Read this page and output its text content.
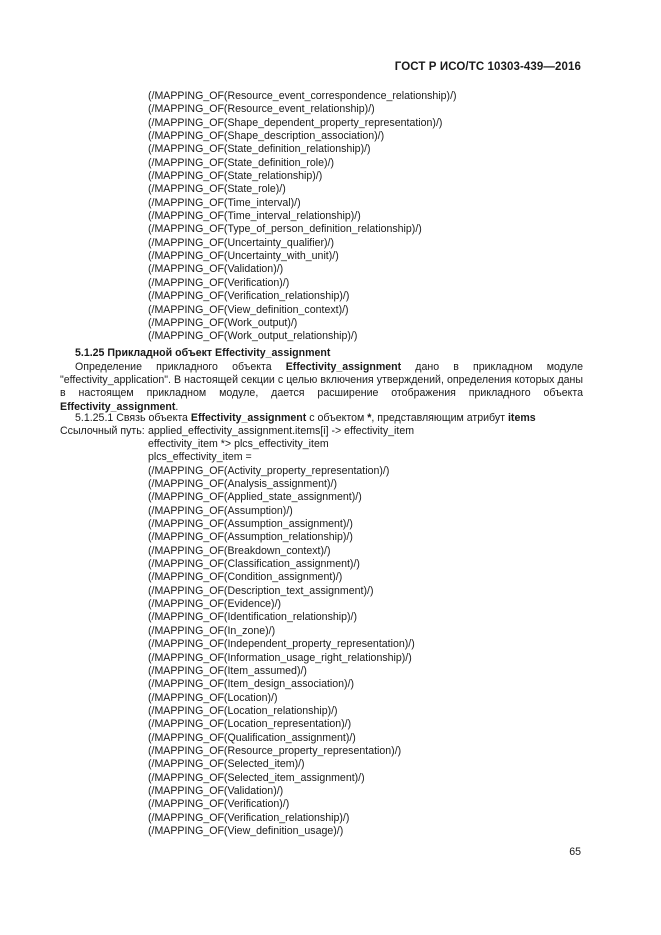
ГОСТ Р ИСО/ТС 10303-439—2016
(/MAPPING_OF(Resource_event_correspondence_relationship)/)
(/MAPPING_OF(Resource_event_relationship)/)
(/MAPPING_OF(Shape_dependent_property_representation)/)
(/MAPPING_OF(Shape_description_association)/)
(/MAPPING_OF(State_definition_relationship)/)
(/MAPPING_OF(State_definition_role)/)
(/MAPPING_OF(State_relationship)/)
(/MAPPING_OF(State_role)/)
(/MAPPING_OF(Time_interval)/)
(/MAPPING_OF(Time_interval_relationship)/)
(/MAPPING_OF(Type_of_person_definition_relationship)/)
(/MAPPING_OF(Uncertainty_qualifier)/)
(/MAPPING_OF(Uncertainty_with_unit)/)
(/MAPPING_OF(Validation)/)
(/MAPPING_OF(Verification)/)
(/MAPPING_OF(Verification_relationship)/)
(/MAPPING_OF(View_definition_context)/)
(/MAPPING_OF(Work_output)/)
(/MAPPING_OF(Work_output_relationship)/)
5.1.25 Прикладной объект Effectivity_assignment
Определение прикладного объекта Effectivity_assignment дано в прикладном модуле "effectivity_application". В настоящей секции с целью включения утверждений, определения которых даны в настоящем прикладном модуле, дается расширение отображения прикладного объекта Effectivity_assignment.
5.1.25.1 Связь объекта Effectivity_assignment с объектом *, представляющим атрибут items
Ссылочный путь: applied_effectivity_assignment.items[i] -> effectivity_item
effectivity_item *> plcs_effectivity_item
plcs_effectivity_item =
(/MAPPING_OF(Activity_property_representation)/)
(/MAPPING_OF(Analysis_assignment)/)
(/MAPPING_OF(Applied_state_assignment)/)
(/MAPPING_OF(Assumption)/)
(/MAPPING_OF(Assumption_assignment)/)
(/MAPPING_OF(Assumption_relationship)/)
(/MAPPING_OF(Breakdown_context)/)
(/MAPPING_OF(Classification_assignment)/)
(/MAPPING_OF(Condition_assignment)/)
(/MAPPING_OF(Description_text_assignment)/)
(/MAPPING_OF(Evidence)/)
(/MAPPING_OF(Identification_relationship)/)
(/MAPPING_OF(In_zone)/)
(/MAPPING_OF(Independent_property_representation)/)
(/MAPPING_OF(Information_usage_right_relationship)/)
(/MAPPING_OF(Item_assumed)/)
(/MAPPING_OF(Item_design_association)/)
(/MAPPING_OF(Location)/)
(/MAPPING_OF(Location_relationship)/)
(/MAPPING_OF(Location_representation)/)
(/MAPPING_OF(Qualification_assignment)/)
(/MAPPING_OF(Resource_property_representation)/)
(/MAPPING_OF(Selected_item)/)
(/MAPPING_OF(Selected_item_assignment)/)
(/MAPPING_OF(Validation)/)
(/MAPPING_OF(Verification)/)
(/MAPPING_OF(Verification_relationship)/)
(/MAPPING_OF(View_definition_usage)/)
65
